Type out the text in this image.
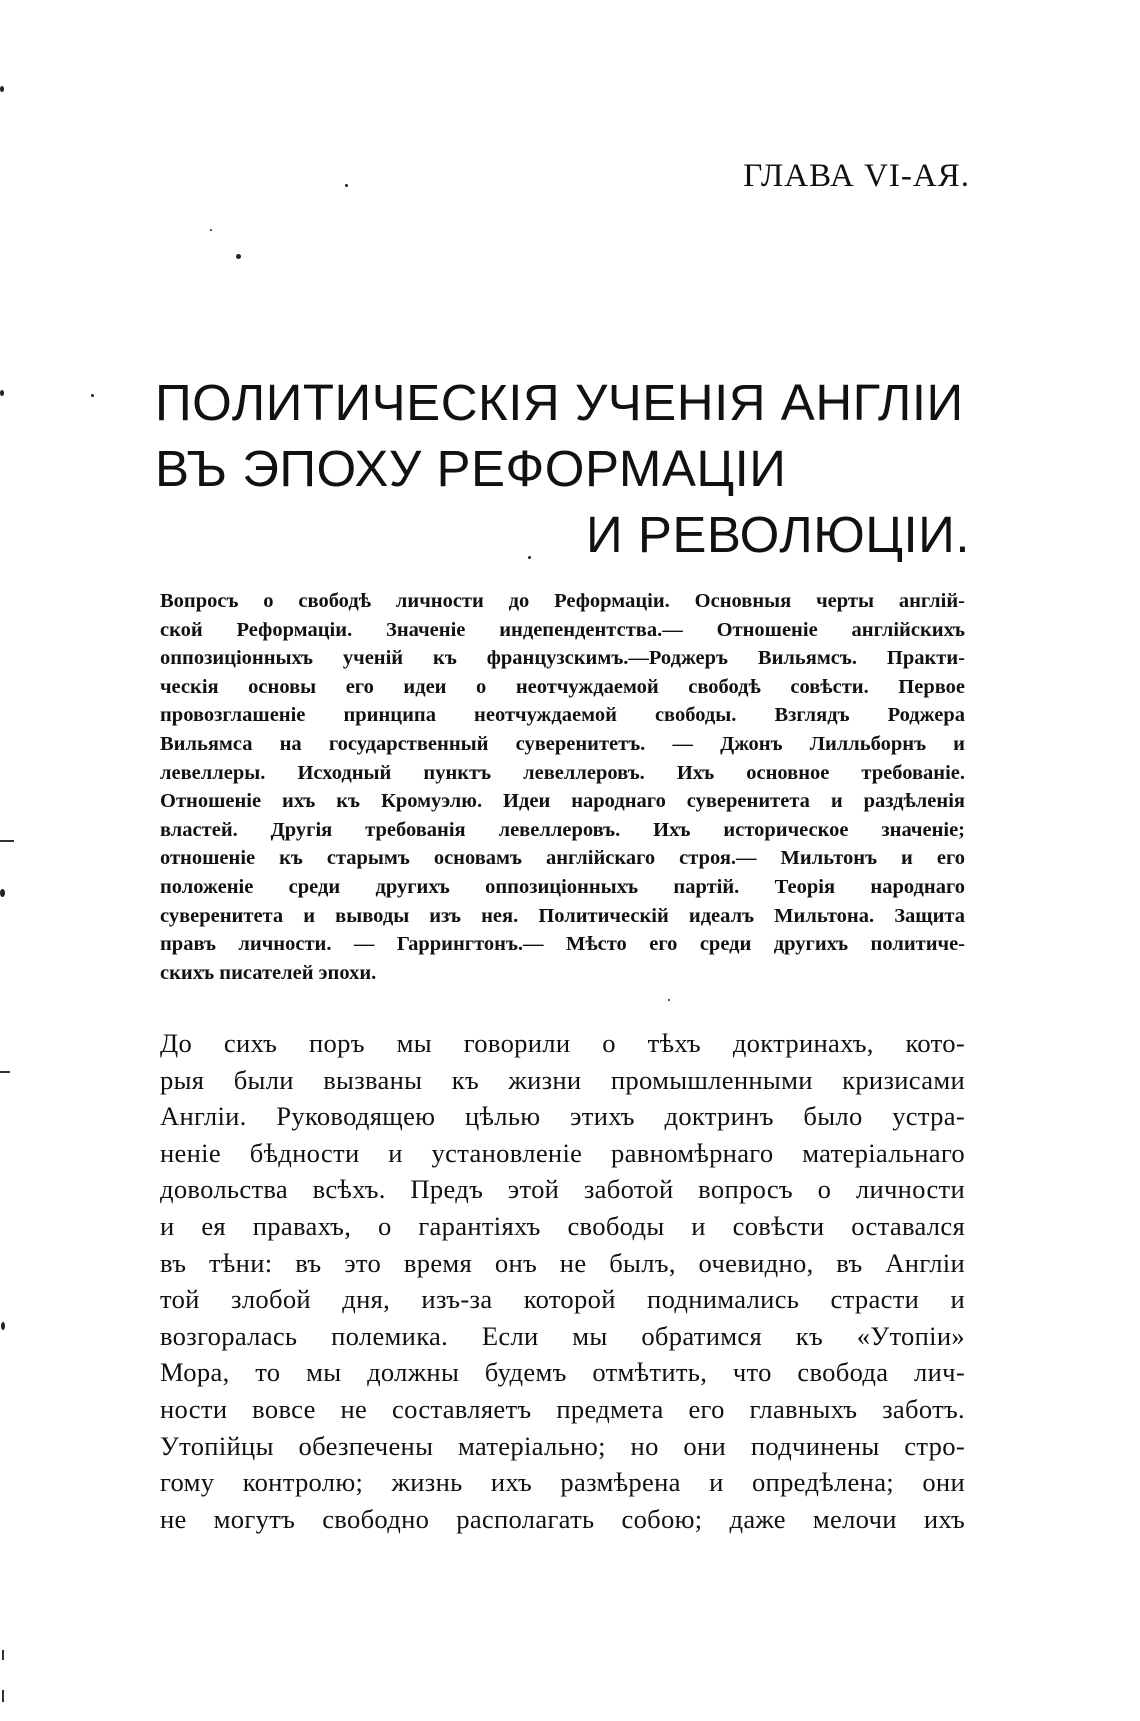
ГЛАВА VI-АЯ.
ПОЛИТИЧЕСКІЯ УЧЕНІЯ АНГЛІИ
ВЪ ЭПОХУ РЕФОРМАЦІИ
И РЕВОЛЮЦІИ.
Вопросъ о свободѣ личности до Реформаціи. Основныя черты англій-
ской Реформаціи. Значеніе индепендентства.— Отношеніе англійскихъ
оппозиціонныхъ ученій къ французскимъ.—Роджеръ Вильямсъ. Практи-
ческія основы его идеи о неотчуждаемой свободѣ совѣсти. Первое
провозглашеніе принципа неотчуждаемой свободы. Взглядъ Роджера
Вильямса на государственный суверенитетъ. — Джонъ Лилльборнъ и
левеллеры. Исходный пунктъ левеллеровъ. Ихъ основное требованіе.
Отношеніе ихъ къ Кромуэлю. Идеи народнаго суверенитета и раздѣленія
властей. Другія требованія левеллеровъ. Ихъ историческое значеніе;
отношеніе къ старымъ основамъ англійскаго строя.— Мильтонъ и его
положеніе среди другихъ оппозиціонныхъ партій. Теорія народнаго
суверенитета и выводы изъ нея. Политическій идеалъ Мильтона. Защита
правъ личности. — Гаррингтонъ.— Мѣсто его среди другихъ политиче-
скихъ писателей эпохи.
До сихъ поръ мы говорили о тѣхъ доктринахъ, кото-
рыя были вызваны къ жизни промышленными кризисами
Англіи. Руководящею цѣлью этихъ доктринъ было устра-
неніе бѣдности и установленіе равномѣрнаго матеріальнаго
довольства всѣхъ. Предъ этой заботой вопросъ о личности
и ея правахъ, о гарантіяхъ свободы и совѣсти оставался
въ тѣни: въ это время онъ не былъ, очевидно, въ Англіи
той злобой дня, изъ-за которой поднимались страсти и
возгоралась полемика. Если мы обратимся къ «Утопіи»
Мора, то мы должны будемъ отмѣтить, что свобода лич-
ности вовсе не составляетъ предмета его главныхъ заботъ.
Утопійцы обезпечены матеріально; но они подчинены стро-
гому контролю; жизнь ихъ размѣрена и опредѣлена; они
не могутъ свободно располагать собою; даже мелочи ихъ
